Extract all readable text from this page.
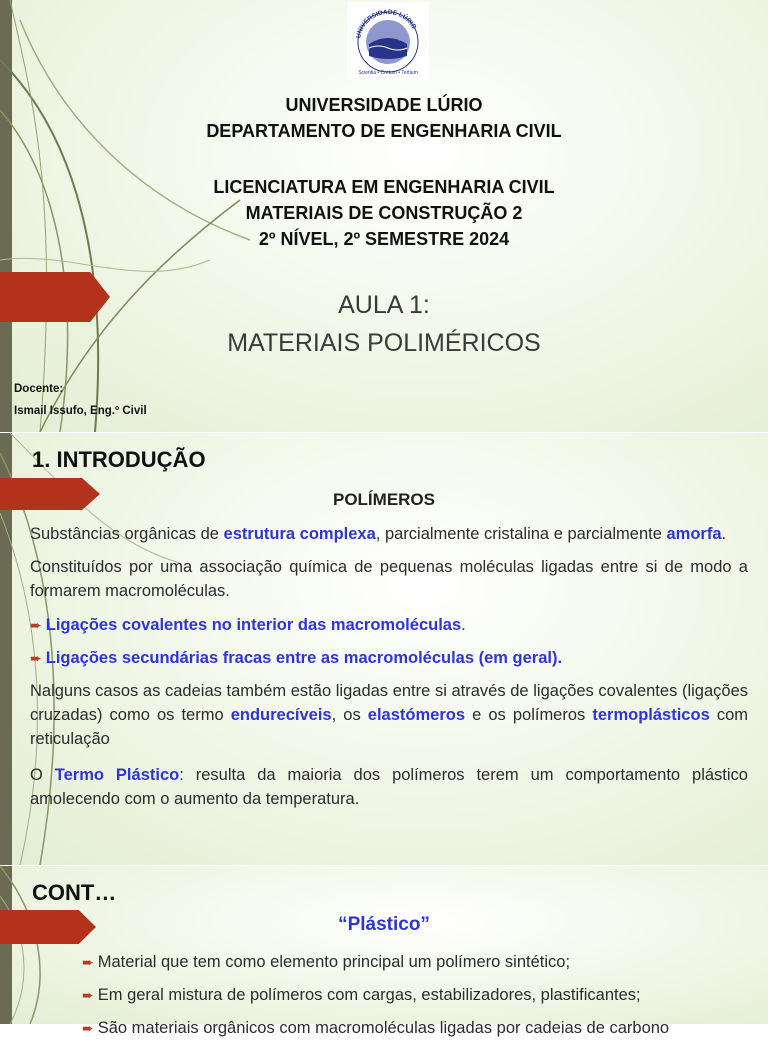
UNIVERSIDADE LÚRIO
Scientia • Cretum • Tertium

UNIVERSIDADE LÚRIO

DEPARTAMENTO DE ENGENHARIA CIVIL

LICENCIATURA EM ENGENHARIA CIVIL

MATERIAIS DE CONSTRUÇÃO 2

2º NÍVEL, 2º SEMESTRE 2024

AULA 1:

MATERIAIS POLIMÉRICOS

Docente:

Ismail Issufo, Eng.º Civil

1. INTRODUÇÃO
POLÍMEROS
Substâncias orgânicas de estrutura complexa, parcialmente cristalina e parcialmente amorfa.
Constituídos por uma associação química de pequenas moléculas ligadas entre si de modo a formarem macromoléculas.
➨ Ligações covalentes no interior das macromoléculas.
➨ Ligações secundárias fracas entre as macromoléculas (em geral).
Nalguns casos as cadeias também estão ligadas entre si através de ligações covalentes (ligações cruzadas) como os termo endurecíveis, os elastómeros e os polímeros termoplásticos com reticulação
O Termo Plástico: resulta da maioria dos polímeros terem um comportamento plástico amolecendo com o aumento da temperatura.
CONT…
“Plástico”
➨ Material que tem como elemento principal um polímero sintético;
➨ Em geral mistura de polímeros com cargas, estabilizadores, plastificantes;
➨ São materiais orgânicos com macromoléculas ligadas por cadeias de carbono
